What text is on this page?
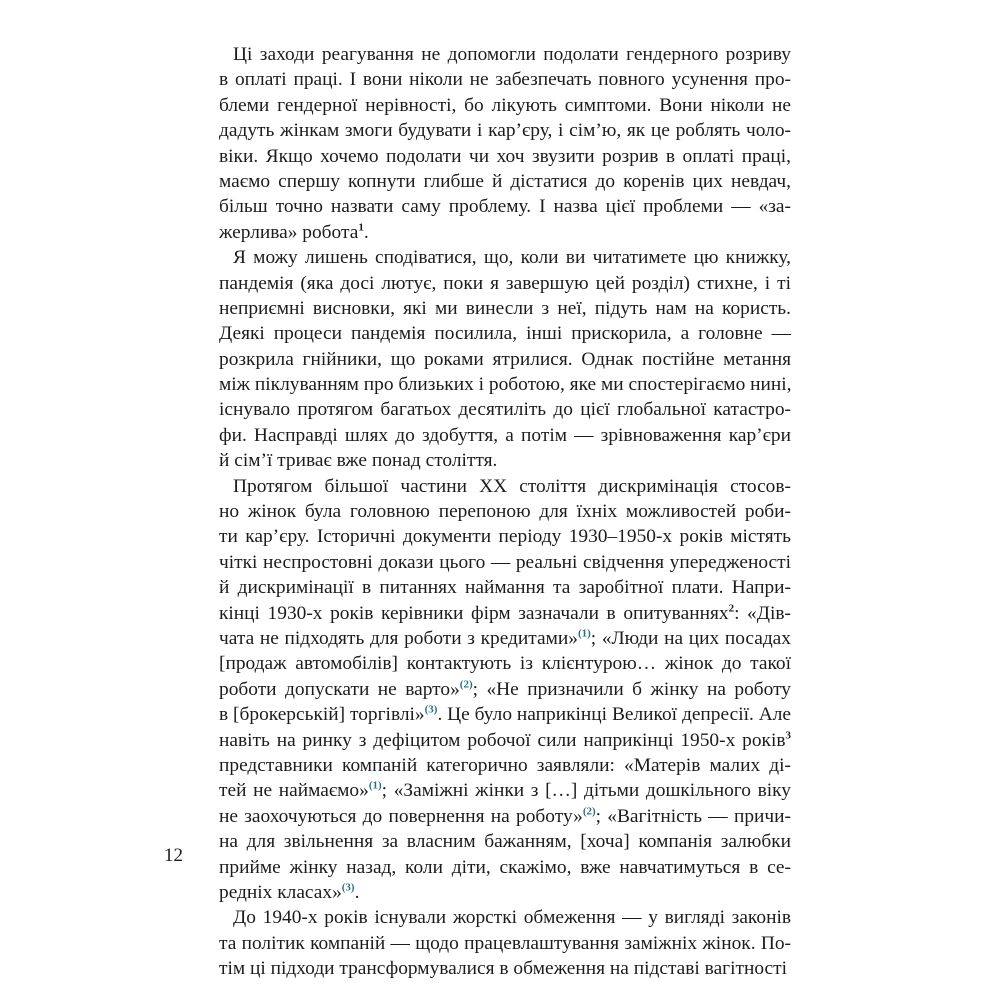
Ці заходи реагування не допомогли подолати гендерного розриву
в оплаті праці. І вони ніколи не забезпечать повного усунення про-
блеми гендерної нерівності, бо лікують симптоми. Вони ніколи не
дадуть жінкам змоги будувати і кар’єру, і сім’ю, як це роблять чоло-
віки. Якщо хочемо подолати чи хоч звузити розрив в оплаті праці,
маємо спершу копнути глибше й дістатися до коренів цих невдач,
більш точно назвати саму проблему. І назва цієї проблеми — «за-
жерлива» робота$^1$.
Я можу лишень сподіватися, що, коли ви читатимете цю книжку,
пандемія (яка досі лютує, поки я завершую цей розділ) стихне, і ті
неприємні висновки, які ми винесли з неї, підуть нам на користь.
Деякі процеси пандемія посилила, інші прискорила, а головне —
розкрила гнійники, що роками ятрилися. Однак постійне метання
між піклуванням про близьких і роботою, яке ми спостерігаємо нині,
існувало протягом багатьох десятиліть до цієї глобальної катастро-
фи. Насправді шлях до здобуття, а потім — зрівноваження кар’єри
й сім’ї триває вже понад століття.
Протягом більшої частини ХХ століття дискримінація стосов-
но жінок була головною перепоною для їхніх можливостей роби-
ти кар’єру. Історичні документи періоду 1930–1950-х років містять
чіткі неспростовні докази цього — реальні свідчення упередженості
й дискримінації в питаннях наймання та заробітної плати. Напри-
кінці 1930-х років керівники фірм зазначали в опитуваннях$^2$: «Дів-
чата не підходять для роботи з кредитами»$^{(1)}$; «Люди на цих посадах
[продаж автомобілів] контактують із клієнтурою… жінок до такої
роботи допускати не варто»$^{(2)}$; «Не призначили б жінку на роботу
в [брокерській] торгівлі»$^{(3)}$. Це було наприкінці Великої депресії. Але
навіть на ринку з дефіцитом робочої сили наприкінці 1950-х років$^3$
представники компаній категорично заявляли: «Матерів малих ді-
тей не наймаємо»$^{(1)}$; «Заміжні жінки з […] дітьми дошкільного віку
не заохочуються до повернення на роботу»$^{(2)}$; «Вагітність — причи-
на для звільнення за власним бажанням, [хоча] компанія залюбки
прийме жінку назад, коли діти, скажімо, вже навчатимуться в се-
редніх класах»$^{(3)}$.
До 1940-х років існували жорсткі обмеження — у вигляді законів
та політик компаній — щодо працевлаштування заміжніх жінок. По-
тім ці підходи трансформувалися в обмеження на підставі вагітності
12
